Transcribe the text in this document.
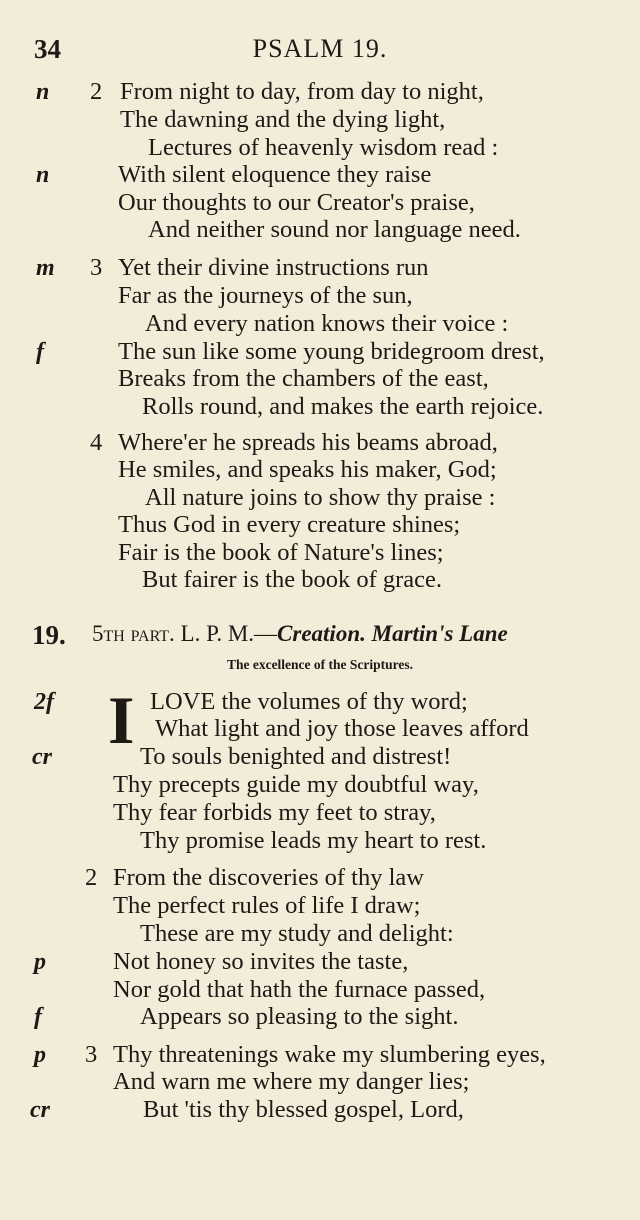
34	PSALM 19.
n 2 From night to day, from day to night,
The dawning and the dying light,
Lectures of heavenly wisdom read :
n	With silent eloquence they raise
Our thoughts to our Creator's praise,
And neither sound nor language need.
m 3 Yet their divine instructions run
Far as the journeys of the sun,
And every nation knows their voice :
f	The sun like some young bridegroom drest,
Breaks from the chambers of the east,
Rolls round, and makes the earth rejoice.
4 Where'er he spreads his beams abroad,
He smiles, and speaks his maker, God;
All nature joins to show thy praise :
Thus God in every creature shines;
Fair is the book of Nature's lines;
But fairer is the book of grace.
19. 5th part. L. P. M.—Creation. Martin's Lane
The excellence of the Scriptures.
2f I LOVE the volumes of thy word;
What light and joy those leaves afford
cr	To souls benighted and distrest!
Thy precepts guide my doubtful way,
Thy fear forbids my feet to stray,
Thy promise leads my heart to rest.
2 From the discoveries of thy law
The perfect rules of life I draw;
These are my study and delight:
p	Not honey so invites the taste,
Nor gold that hath the furnace passed,
f	Appears so pleasing to the sight.
p 3 Thy threatenings wake my slumbering eyes,
And warn me where my danger lies;
cr	But 'tis thy blessed gospel, Lord,
